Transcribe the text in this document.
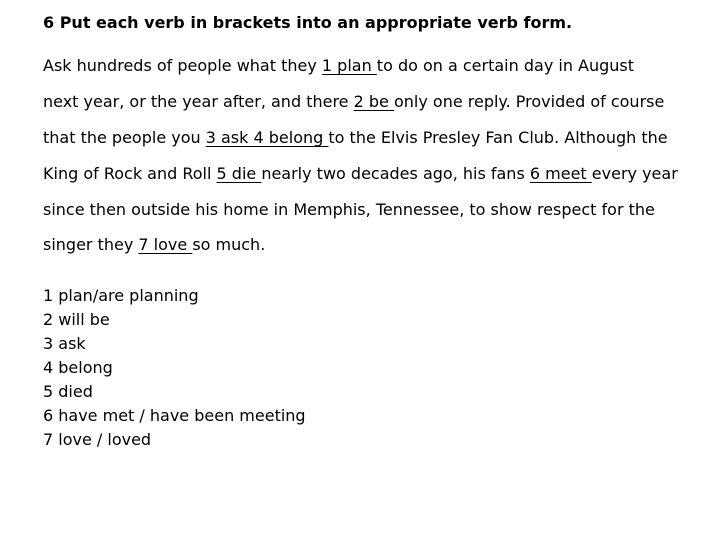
6 Put each verb in brackets into an appropriate verb form.
Ask hundreds of people what they 1 plan to do on a certain day in August
next year, or the year after, and there 2 be only one reply. Provided of course
that the people you 3 ask 4 belong to the Elvis Presley Fan Club. Although the
King of Rock and Roll 5 die nearly two decades ago, his fans 6 meet every year
since then outside his home in Memphis, Tennessee, to show respect for the
singer they 7 love so much.
1 plan/are planning
2 will be
3 ask
4 belong
5 died
6 have met / have been meeting
7 love / loved
